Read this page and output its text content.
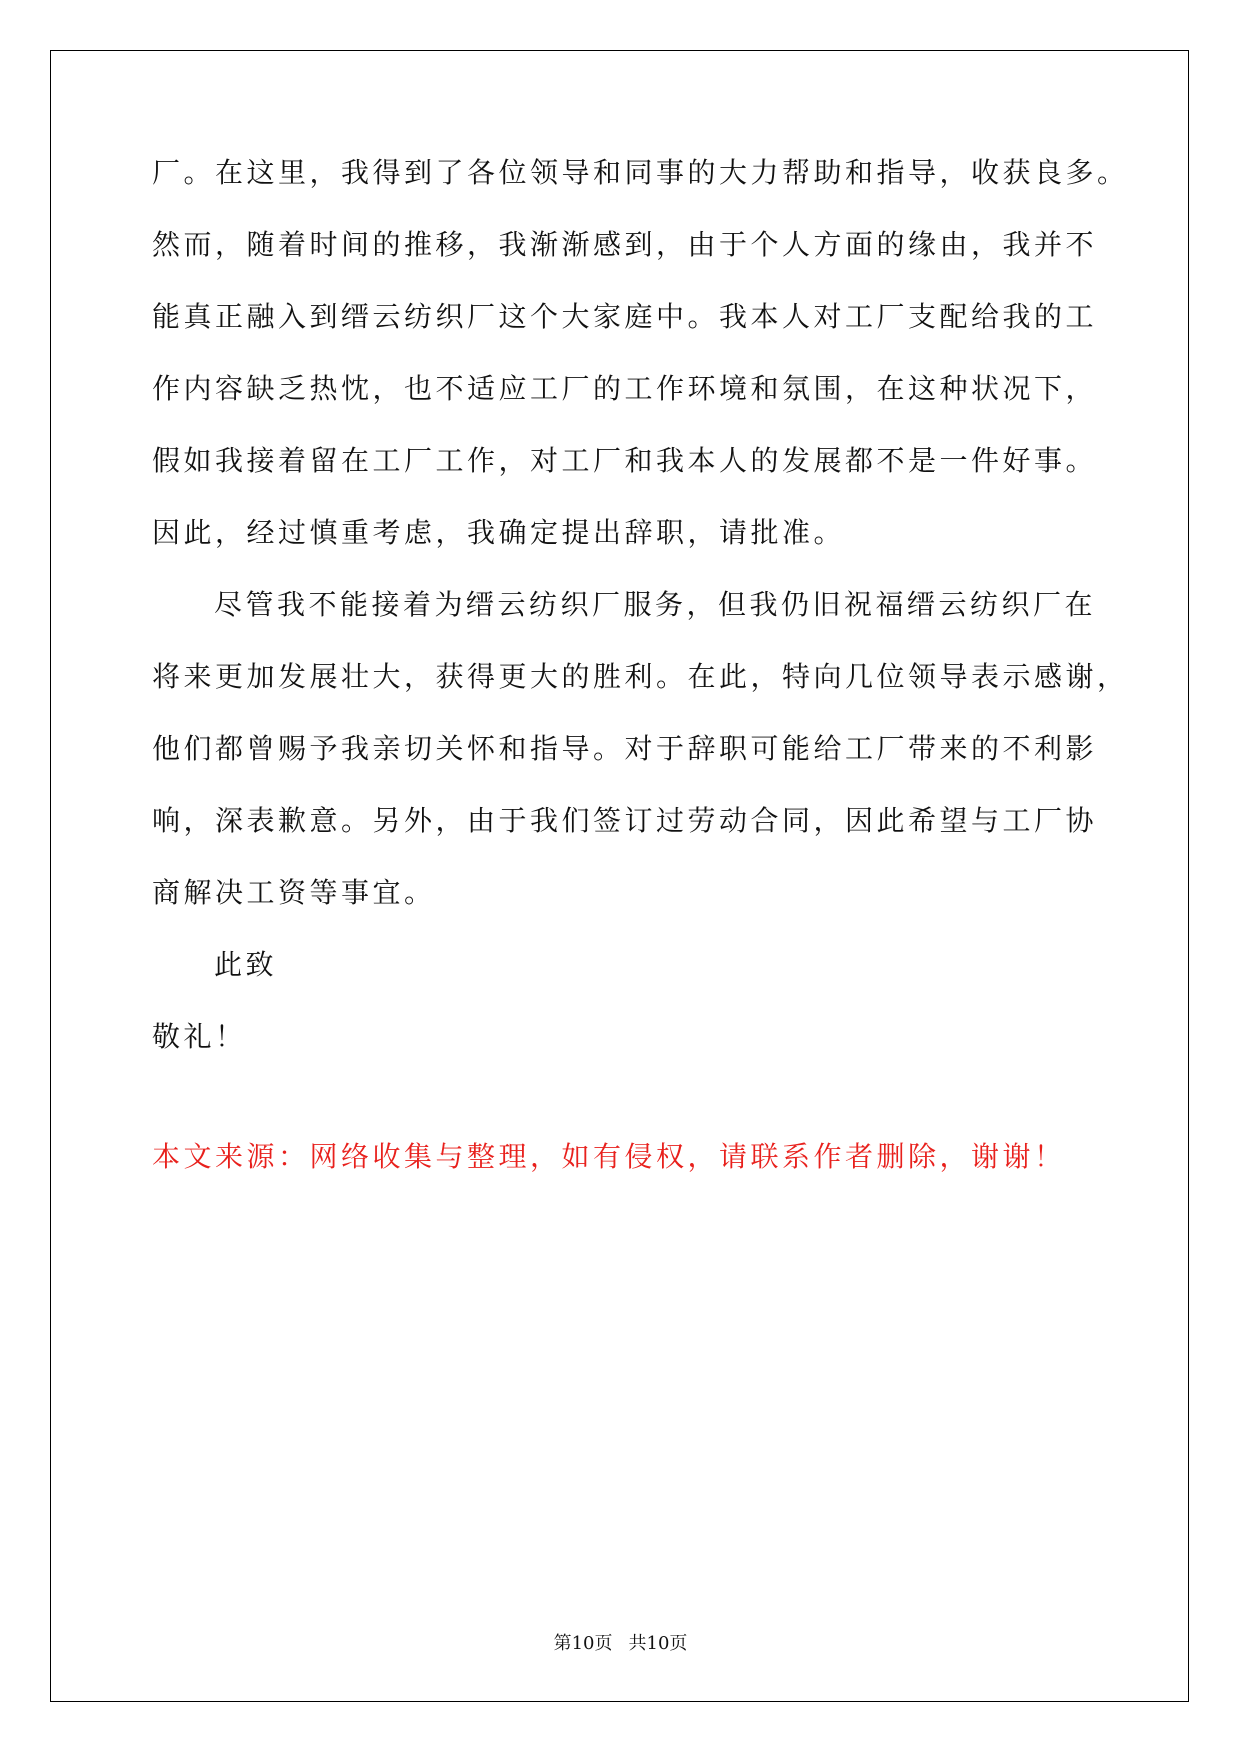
厂。在这里，我得到了各位领导和同事的大力帮助和指导，收获良多。

然而，随着时间的推移，我渐渐感到，由于个人方面的缘由，我并不

能真正融入到缙云纺织厂这个大家庭中。我本人对工厂支配给我的工

作内容缺乏热忱，也不适应工厂的工作环境和氛围，在这种状况下，

假如我接着留在工厂工作，对工厂和我本人的发展都不是一件好事。

因此，经过慎重考虑，我确定提出辞职，请批准。

尽管我不能接着为缙云纺织厂服务，但我仍旧祝福缙云纺织厂在

将来更加发展壮大，获得更大的胜利。在此，特向几位领导表示感谢，

他们都曾赐予我亲切关怀和指导。对于辞职可能给工厂带来的不利影

响，深表歉意。另外，由于我们签订过劳动合同，因此希望与工厂协

商解决工资等事宜。

此致

敬礼！

本文来源：网络收集与整理，如有侵权，请联系作者删除，谢谢！

第10页 共10页
